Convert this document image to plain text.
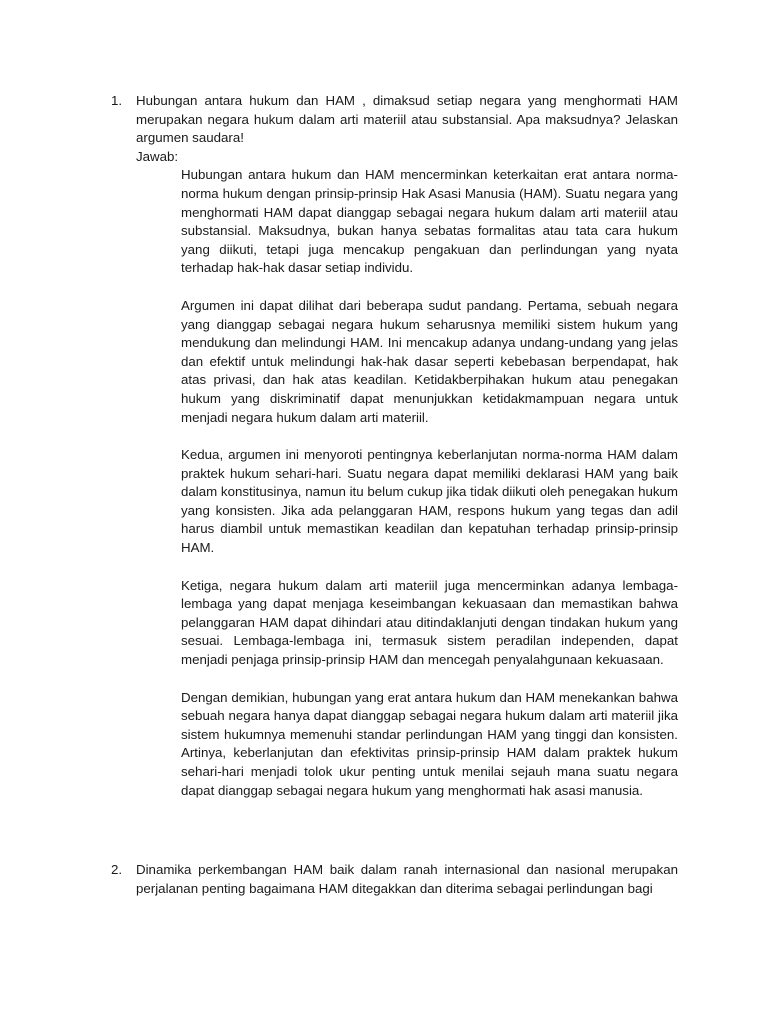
1.	Hubungan antara hukum dan HAM , dimaksud setiap negara yang menghormati HAM merupakan negara hukum dalam arti materiil atau substansial. Apa maksudnya? Jelaskan argumen saudara!
Jawab:

Hubungan antara hukum dan HAM mencerminkan keterkaitan erat antara norma-norma hukum dengan prinsip-prinsip Hak Asasi Manusia (HAM). Suatu negara yang menghormati HAM dapat dianggap sebagai negara hukum dalam arti materiil atau substansial. Maksudnya, bukan hanya sebatas formalitas atau tata cara hukum yang diikuti, tetapi juga mencakup pengakuan dan perlindungan yang nyata terhadap hak-hak dasar setiap individu.

Argumen ini dapat dilihat dari beberapa sudut pandang. Pertama, sebuah negara yang dianggap sebagai negara hukum seharusnya memiliki sistem hukum yang mendukung dan melindungi HAM. Ini mencakup adanya undang-undang yang jelas dan efektif untuk melindungi hak-hak dasar seperti kebebasan berpendapat, hak atas privasi, dan hak atas keadilan. Ketidakberpihakan hukum atau penegakan hukum yang diskriminatif dapat menunjukkan ketidakmampuan negara untuk menjadi negara hukum dalam arti materiil.

Kedua, argumen ini menyoroti pentingnya keberlanjutan norma-norma HAM dalam praktek hukum sehari-hari. Suatu negara dapat memiliki deklarasi HAM yang baik dalam konstitusinya, namun itu belum cukup jika tidak diikuti oleh penegakan hukum yang konsisten. Jika ada pelanggaran HAM, respons hukum yang tegas dan adil harus diambil untuk memastikan keadilan dan kepatuhan terhadap prinsip-prinsip HAM.

Ketiga, negara hukum dalam arti materiil juga mencerminkan adanya lembaga-lembaga yang dapat menjaga keseimbangan kekuasaan dan memastikan bahwa pelanggaran HAM dapat dihindari atau ditindaklanjuti dengan tindakan hukum yang sesuai. Lembaga-lembaga ini, termasuk sistem peradilan independen, dapat menjadi penjaga prinsip-prinsip HAM dan mencegah penyalahgunaan kekuasaan.

Dengan demikian, hubungan yang erat antara hukum dan HAM menekankan bahwa sebuah negara hanya dapat dianggap sebagai negara hukum dalam arti materiil jika sistem hukumnya memenuhi standar perlindungan HAM yang tinggi dan konsisten. Artinya, keberlanjutan dan efektivitas prinsip-prinsip HAM dalam praktek hukum sehari-hari menjadi tolok ukur penting untuk menilai sejauh mana suatu negara dapat dianggap sebagai negara hukum yang menghormati hak asasi manusia.

2.	Dinamika perkembangan HAM baik dalam ranah internasional dan nasional merupakan perjalanan penting bagaimana HAM ditegakkan dan diterima sebagai perlindungan bagi
